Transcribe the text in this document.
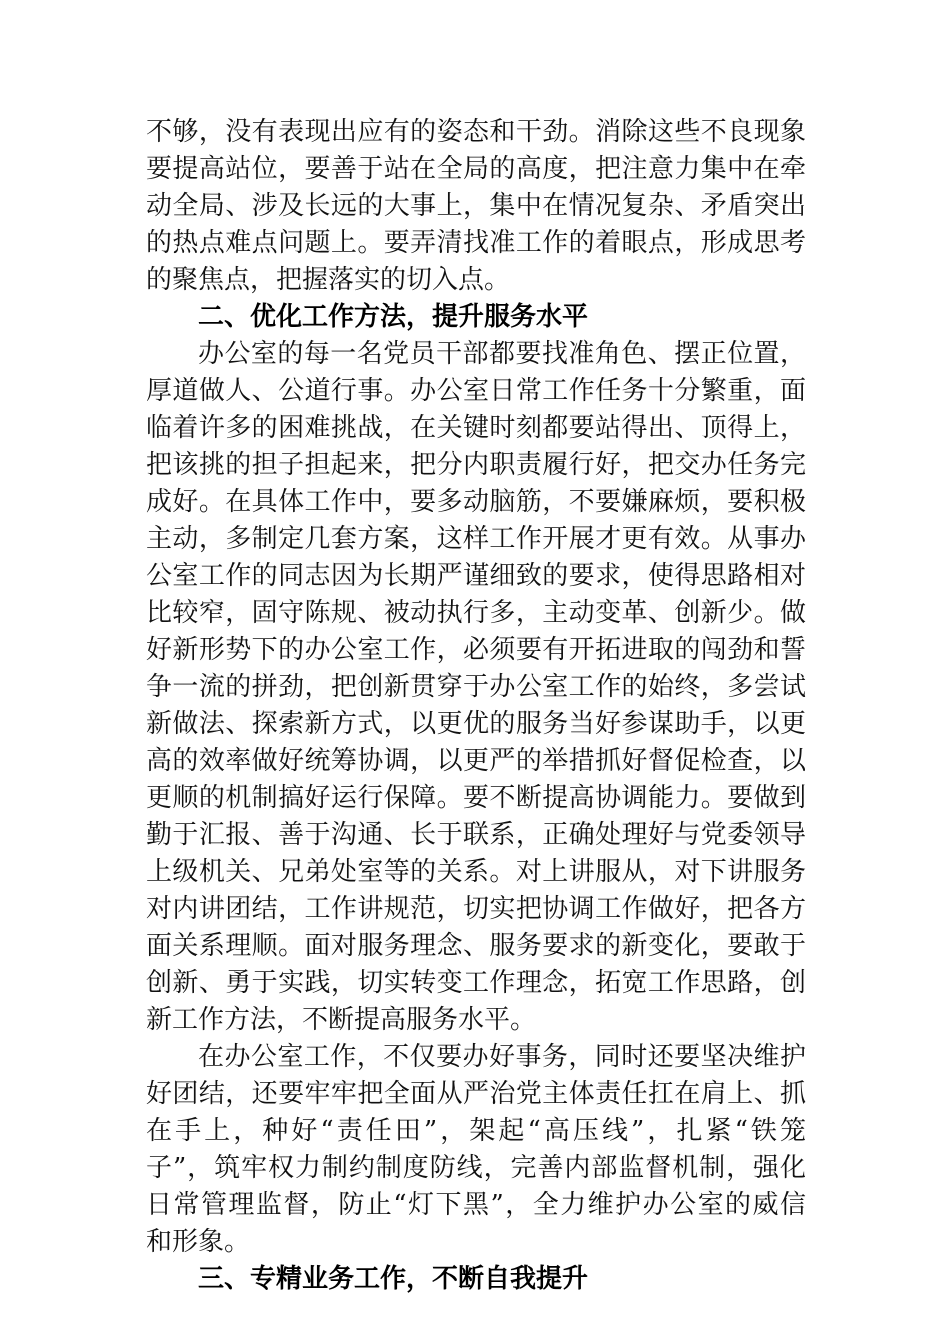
不够，没有表现出应有的姿态和干劲。消除这些不良现象
要提高站位，要善于站在全局的高度，把注意力集中在牵
动全局、涉及长远的大事上，集中在情况复杂、矛盾突出
的热点难点问题上。要弄清找准工作的着眼点，形成思考
的聚焦点，把握落实的切入点。
二、优化工作方法，提升服务水平
办公室的每一名党员干部都要找准角色、摆正位置，
厚道做人、公道行事。办公室日常工作任务十分繁重，面
临着许多的困难挑战，在关键时刻都要站得出、顶得上，
把该挑的担子担起来，把分内职责履行好，把交办任务完
成好。在具体工作中，要多动脑筋，不要嫌麻烦，要积极
主动，多制定几套方案，这样工作开展才更有效。从事办
公室工作的同志因为长期严谨细致的要求，使得思路相对
比较窄，固守陈规、被动执行多，主动变革、创新少。做
好新形势下的办公室工作，必须要有开拓进取的闯劲和誓
争一流的拼劲，把创新贯穿于办公室工作的始终，多尝试
新做法、探索新方式，以更优的服务当好参谋助手，以更
高的效率做好统筹协调，以更严的举措抓好督促检查，以
更顺的机制搞好运行保障。要不断提高协调能力。要做到
勤于汇报、善于沟通、长于联系，正确处理好与党委领导
上级机关、兄弟处室等的关系。对上讲服从，对下讲服务
对内讲团结，工作讲规范，切实把协调工作做好，把各方
面关系理顺。面对服务理念、服务要求的新变化，要敢于
创新、勇于实践，切实转变工作理念，拓宽工作思路，创
新工作方法，不断提高服务水平。
在办公室工作，不仅要办好事务，同时还要坚决维护
好团结，还要牢牢把全面从严治党主体责任扛在肩上、抓
在手上，种好“责任田”，架起“高压线”，扎紧“铁笼
子”，筑牢权力制约制度防线，完善内部监督机制，强化
日常管理监督，防止“灯下黑”，全力维护办公室的威信
和形象。
三、专精业务工作，不断自我提升
